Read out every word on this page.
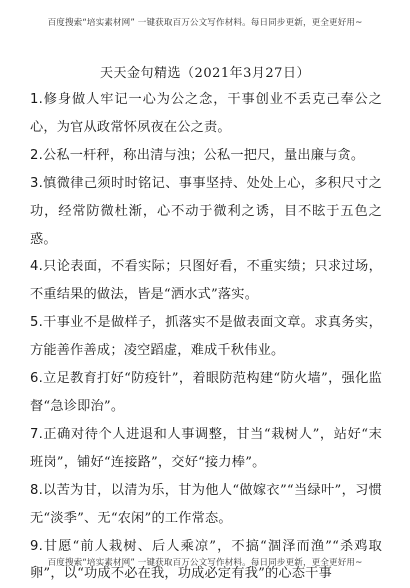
百度搜索“培实素材网” 一键获取百万公文写作材料。每日同步更新，更全更好用~
天天金句精选（2021年3月27日）

1.修身做人牢记一心为公之念，干事创业不丢克己奉公之心，为官从政常怀夙夜在公之责。

2.公私一杆秤，称出清与浊；公私一把尺，量出廉与贪。

3.慎微律己须时时铭记、事事坚持、处处上心，多积尺寸之功，经常防微杜渐，心不动于微利之诱，目不眩于五色之惑。

4.只论表面，不看实际；只图好看，不重实绩；只求过场，不重结果的做法，皆是“洒水式”落实。

5.干事业不是做样子，抓落实不是做表面文章。求真务实，方能善作善成；凌空蹈虚，难成千秋伟业。

6.立足教育打好“防疫针”，着眼防范构建“防火墙”，强化监督“急诊即治”。

7.正确对待个人进退和人事调整，甘当“栽树人”，站好“末班岗”，铺好“连接路”，交好“接力棒”。

8.以苦为甘，以清为乐，甘为他人“做嫁衣”“当绿叶”，习惯无“淡季”、无“农闲”的工作常态。

9.甘愿“前人栽树、后人乘凉”，不搞“涸泽而渔”“杀鸡取卵”，以“功成不必在我，功成必定有我”的心态干事

百度搜索“培实素材网” 一键获取百万公文写作材料。每日同步更新，更全更好用~
